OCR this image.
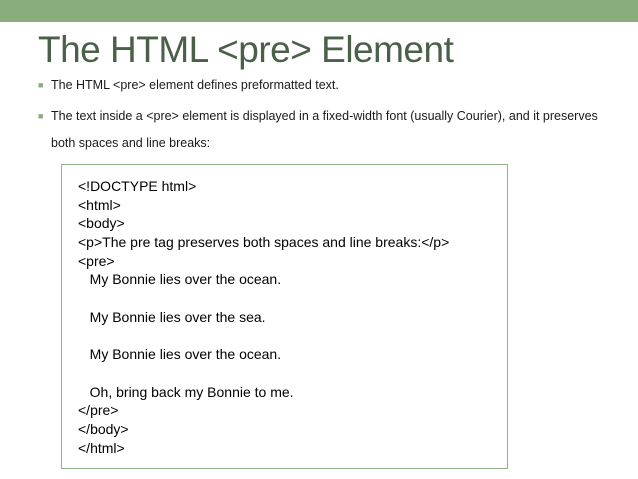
The HTML <pre> Element
■ The HTML <pre> element defines preformatted text.
■ The text inside a <pre> element is displayed in a fixed-width font (usually Courier), and it preserves both spaces and line breaks:
<!DOCTYPE html>
<html>
<body>
<p>The pre tag preserves both spaces and line breaks:</p>
<pre>
My Bonnie lies over the ocean.
My Bonnie lies over the sea.
My Bonnie lies over the ocean.
Oh, bring back my Bonnie to me.
</pre>
</body>
</html>
